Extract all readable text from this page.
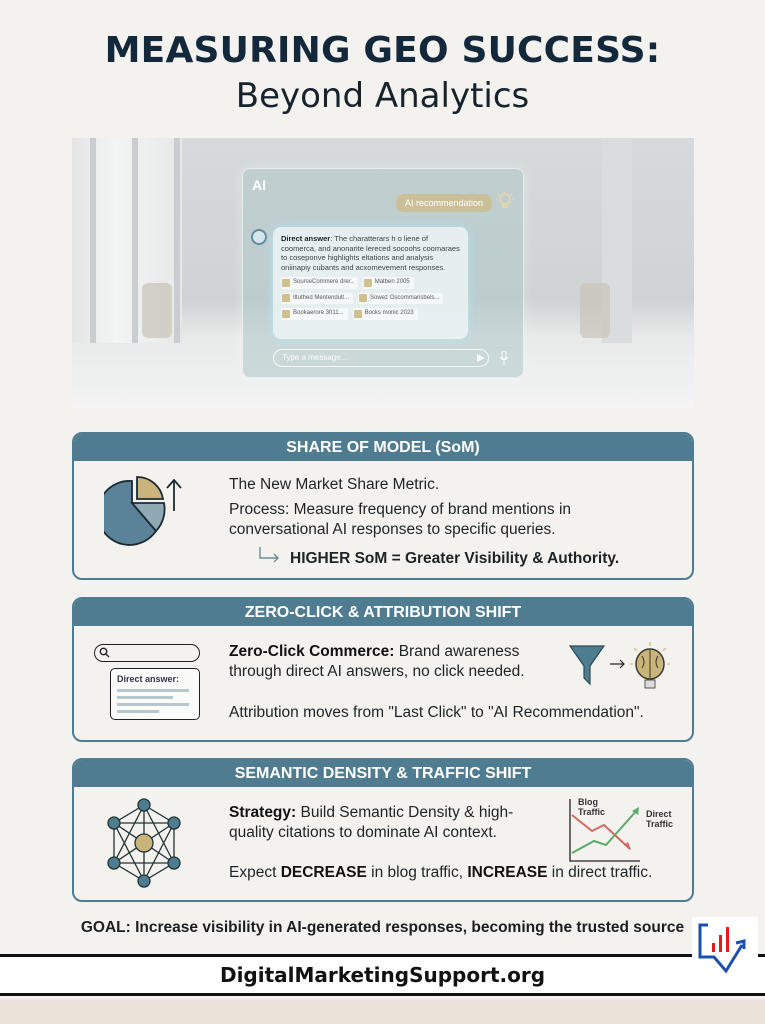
MEASURING GEO SUCCESS:
Beyond Analytics
AI
AI recommendation
Direct answer: The charatterars h o liene of coomerca, and anonarite lereced socoohs coomaraes to coseponve highlights eltations and analysis oniinapiy cubants and acxomevement responses.
SourseCommere drer..	Matben 2005
Iltuthed Mentendult...	Sowez Oscommarisbels...
Bookaerore 3011...	Bocks monic 2023
Type a message...
SHARE OF MODEL (SoM)
The New Market Share Metric.
Process: Measure frequency of brand mentions in
conversational AI responses to specific queries.
HIGHER SoM = Greater Visibility & Authority.
ZERO-CLICK & ATTRIBUTION SHIFT
Direct answer:
Zero-Click Commerce: Brand awareness
through direct AI answers, no click needed.
Attribution moves from "Last Click" to "AI Recommendation".
SEMANTIC DENSITY & TRAFFIC SHIFT
Strategy: Build Semantic Density & high-
quality citations to dominate AI context.
Expect DECREASE in blog traffic, INCREASE in direct traffic.
Blog Traffic	Direct Traffic
GOAL: Increase visibility in AI-generated responses, becoming the trusted source
DigitalMarketingSupport.org
